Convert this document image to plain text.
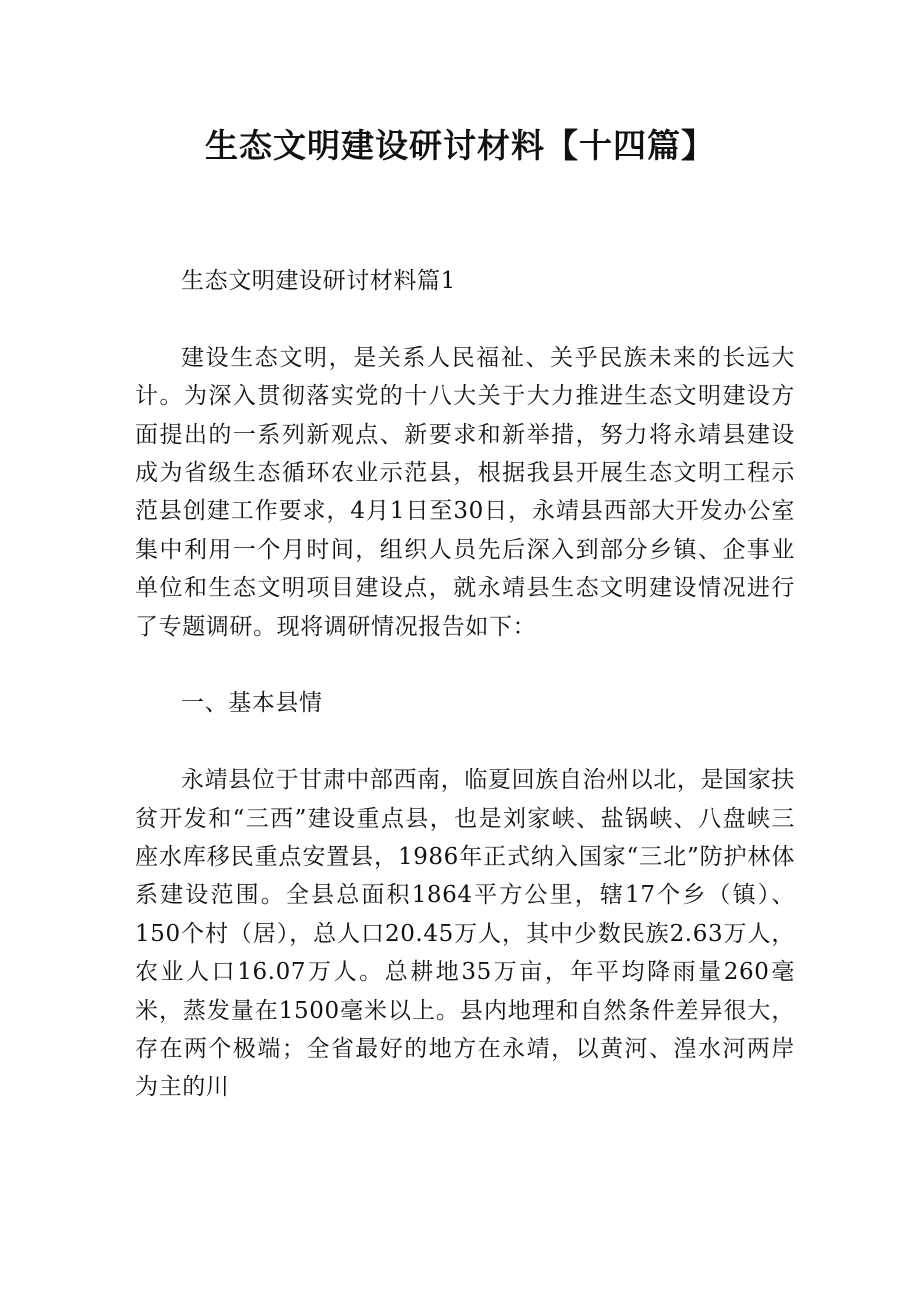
生态文明建设研讨材料【十四篇】

生态文明建设研讨材料篇1

建设生态文明，是关系人民福祉、关乎民族未来的长远大计。为深入贯彻落实党的十八大关于大力推进生态文明建设方面提出的一系列新观点、新要求和新举措，努力将永靖县建设成为省级生态循环农业示范县，根据我县开展生态文明工程示范县创建工作要求，4月1日至30日，永靖县西部大开发办公室集中利用一个月时间，组织人员先后深入到部分乡镇、企事业单位和生态文明项目建设点，就永靖县生态文明建设情况进行了专题调研。现将调研情况报告如下：

一、基本县情

永靖县位于甘肃中部西南，临夏回族自治州以北，是国家扶贫开发和“三西”建设重点县，也是刘家峡、盐锅峡、八盘峡三座水库移民重点安置县，1986年正式纳入国家“三北”防护林体系建设范围。全县总面积1864平方公里，辖17个乡（镇）、150个村（居），总人口20.45万人，其中少数民族2.63万人，农业人口16.07万人。总耕地35万亩，年平均降雨量260毫米，蒸发量在1500毫米以上。县内地理和自然条件差异很大，存在两个极端；全省最好的地方在永靖，以黄河、湟水河两岸为主的川
